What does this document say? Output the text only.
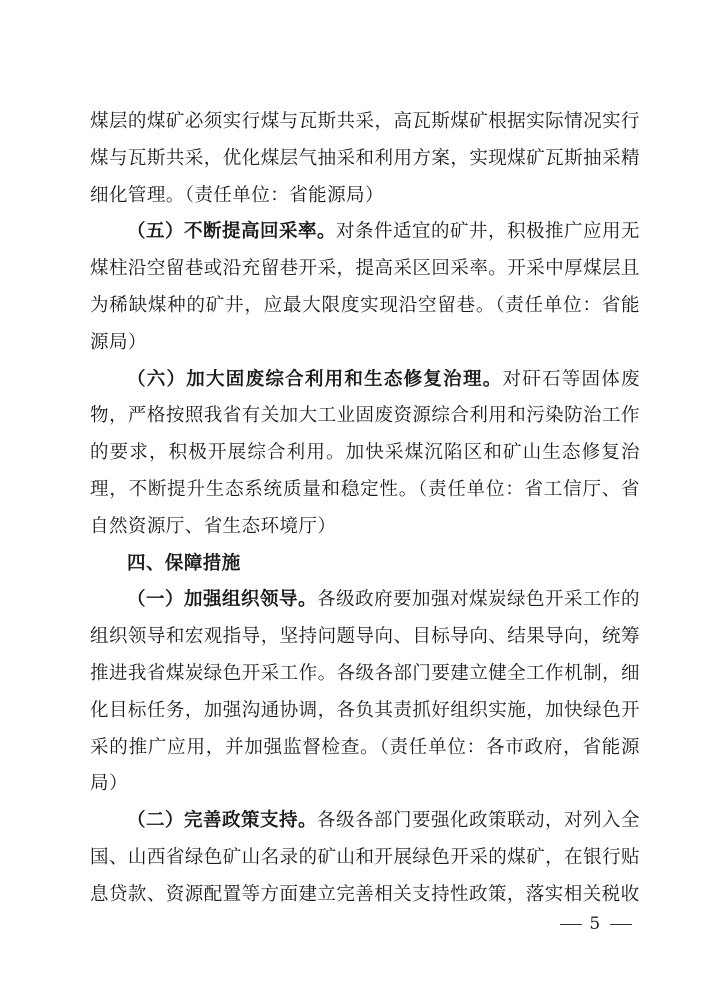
煤层的煤矿必须实行煤与瓦斯共采，高瓦斯煤矿根据实际情况实行煤与瓦斯共采，优化煤层气抽采和利用方案，实现煤矿瓦斯抽采精细化管理。（责任单位：省能源局）

（五）不断提高回采率。对条件适宜的矿井，积极推广应用无煤柱沿空留巷或沿充留巷开采，提高采区回采率。开采中厚煤层且为稀缺煤种的矿井，应最大限度实现沿空留巷。（责任单位：省能源局）

（六）加大固废综合利用和生态修复治理。对矸石等固体废物，严格按照我省有关加大工业固废资源综合利用和污染防治工作的要求，积极开展综合利用。加快采煤沉陷区和矿山生态修复治理，不断提升生态系统质量和稳定性。（责任单位：省工信厅、省自然资源厅、省生态环境厅）

四、保障措施

（一）加强组织领导。各级政府要加强对煤炭绿色开采工作的组织领导和宏观指导，坚持问题导向、目标导向、结果导向，统筹推进我省煤炭绿色开采工作。各级各部门要建立健全工作机制，细化目标任务，加强沟通协调，各负其责抓好组织实施，加快绿色开采的推广应用，并加强监督检查。（责任单位：各市政府，省能源局）

（二）完善政策支持。各级各部门要强化政策联动，对列入全国、山西省绿色矿山名录的矿山和开展绿色开采的煤矿，在银行贴息贷款、资源配置等方面建立完善相关支持性政策，落实相关税收

5
